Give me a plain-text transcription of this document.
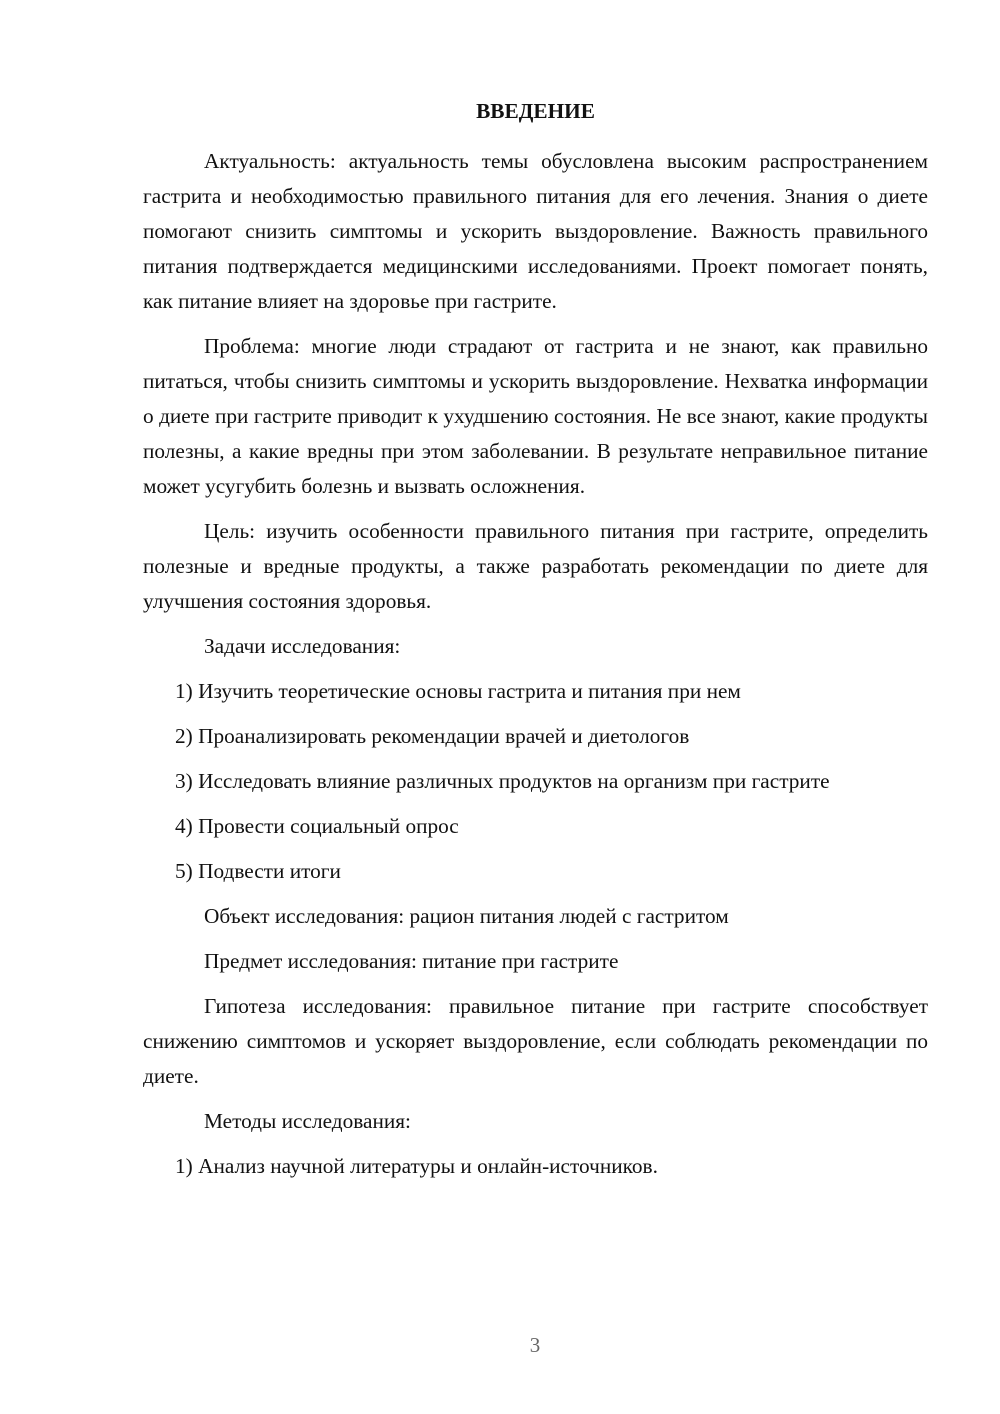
ВВЕДЕНИЕ

Актуальность: актуальность темы обусловлена высоким распространением гастрита и необходимостью правильного питания для его лечения. Знания о диете помогают снизить симптомы и ускорить выздоровление. Важность правильного питания подтверждается медицинскими исследованиями. Проект помогает понять, как питание влияет на здоровье при гастрите.

Проблема: многие люди страдают от гастрита и не знают, как правильно питаться, чтобы снизить симптомы и ускорить выздоровление. Нехватка информации о диете при гастрите приводит к ухудшению состояния. Не все знают, какие продукты полезны, а какие вредны при этом заболевании. В результате неправильное питание может усугубить болезнь и вызвать осложнения.

Цель: изучить особенности правильного питания при гастрите, определить полезные и вредные продукты, а также разработать рекомендации по диете для улучшения состояния здоровья.

Задачи исследования:

1) Изучить теоретические основы гастрита и питания при нем

2) Проанализировать рекомендации врачей и диетологов

3) Исследовать влияние различных продуктов на организм при гастрите

4) Провести социальный опрос

5) Подвести итоги

Объект исследования: рацион питания людей с гастритом

Предмет исследования: питание при гастрите

Гипотеза исследования: правильное питание при гастрите способствует снижению симптомов и ускоряет выздоровление, если соблюдать рекомендации по диете.

Методы исследования:

1) Анализ научной литературы и онлайн-источников.

3
